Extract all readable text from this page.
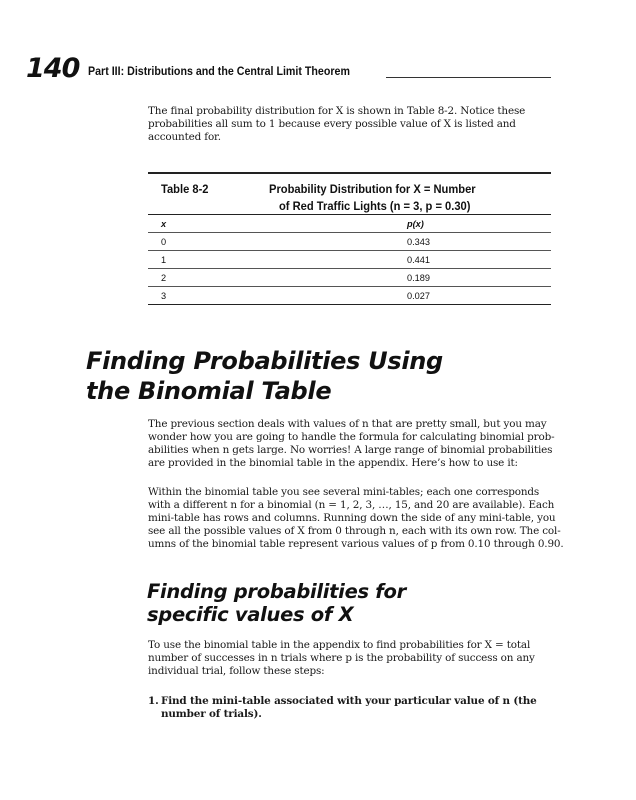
140 Part III: Distributions and the Central Limit Theorem

The final probability distribution for X is shown in Table 8-2. Notice these
probabilities all sum to 1 because every possible value of X is listed and
accounted for.

Table 8-2	Probability Distribution for X = Number
of Red Traffic Lights (n = 3, p = 0.30)
x	p(x)
0	0.343
1	0.441
2	0.189
3	0.027
Finding Probabilities Using
the Binomial Table

The previous section deals with values of n that are pretty small, but you may
wonder how you are going to handle the formula for calculating binomial prob-
abilities when n gets large. No worries! A large range of binomial probabilities
are provided in the binomial table in the appendix. Here’s how to use it:

Within the binomial table you see several mini-tables; each one corresponds
with a different n for a binomial (n = 1, 2, 3, …, 15, and 20 are available). Each
mini-table has rows and columns. Running down the side of any mini-table, you
see all the possible values of X from 0 through n, each with its own row. The col-
umns of the binomial table represent various values of p from 0.10 through 0.90.

Finding probabilities for
specific values of X

To use the binomial table in the appendix to find probabilities for X = total
number of successes in n trials where p is the probability of success on any
individual trial, follow these steps:

1. Find the mini-table associated with your particular value of n (the
number of trials).
